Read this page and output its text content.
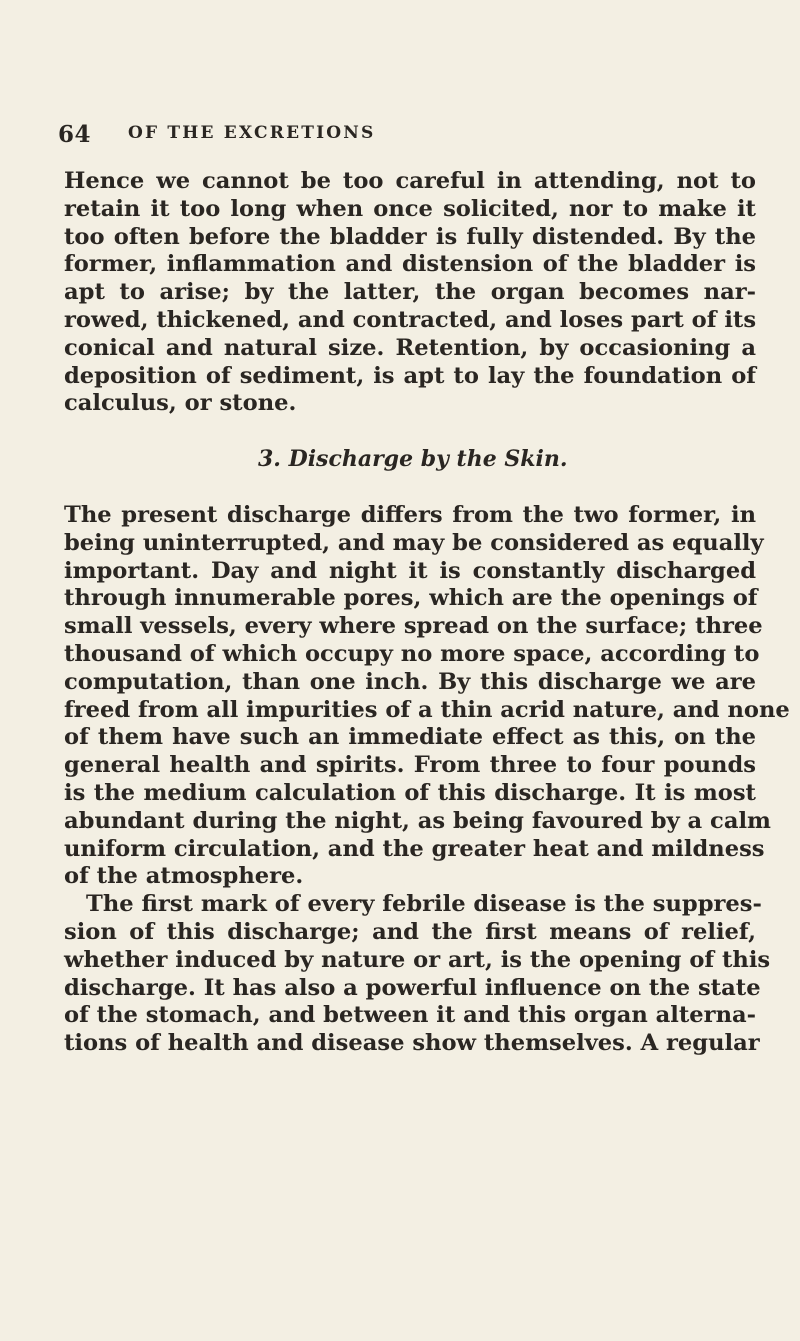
64 OF THE EXCRETIONS
Hence we cannot be too careful in attending, not to
retain it too long when once solicited, nor to make it
too often before the bladder is fully distended. By the
former, inflammation and distension of the bladder is
apt to arise; by the latter, the organ becomes nar-
rowed, thickened, and contracted, and loses part of its
conical and natural size. Retention, by occasioning a
deposition of sediment, is apt to lay the foundation of
calculus, or stone.
3. Discharge by the Skin.
The present discharge differs from the two former, in
being uninterrupted, and may be considered as equally
important. Day and night it is constantly discharged
through innumerable pores, which are the openings of
small vessels, every where spread on the surface; three
thousand of which occupy no more space, according to
computation, than one inch. By this discharge we are
freed from all impurities of a thin acrid nature, and none
of them have such an immediate effect as this, on the
general health and spirits. From three to four pounds
is the medium calculation of this discharge. It is most
abundant during the night, as being favoured by a calm
uniform circulation, and the greater heat and mildness
of the atmosphere.
The first mark of every febrile disease is the suppres-
sion of this discharge; and the first means of relief,
whether induced by nature or art, is the opening of this
discharge. It has also a powerful influence on the state
of the stomach, and between it and this organ alterna-
tions of health and disease show themselves. A regular
